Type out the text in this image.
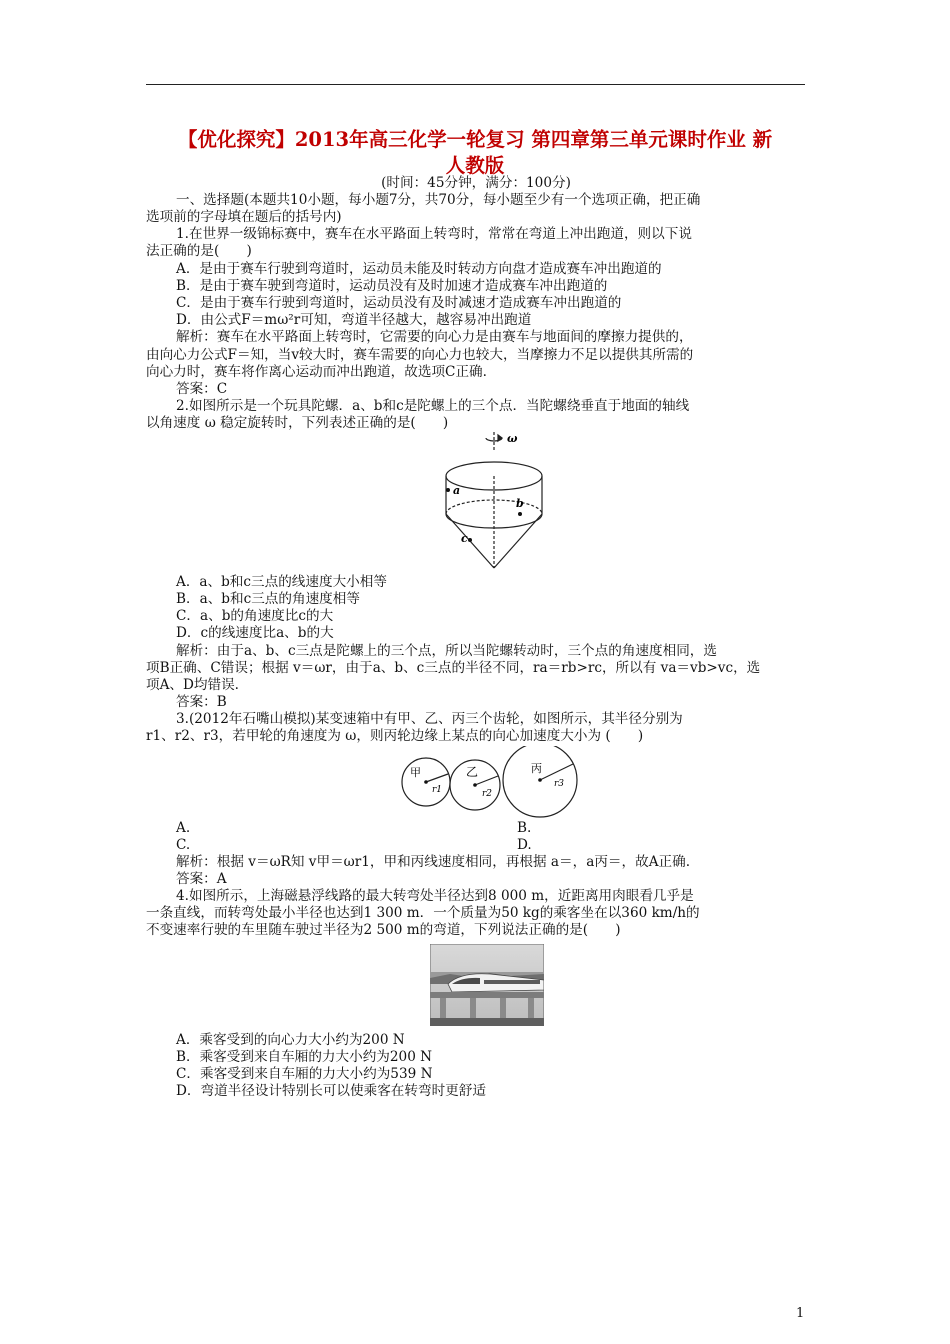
【优化探究】2013年高三化学一轮复习 第四章第三单元课时作业 新
人教版
(时间：45分钟，满分：100分)
一、选择题(本题共10小题，每小题7分，共70分，每小题至少有一个选项正确，把正确
选项前的字母填在题后的括号内)
1.在世界一级锦标赛中，赛车在水平路面上转弯时，常常在弯道上冲出跑道，则以下说
法正确的是(　　)
A．是由于赛车行驶到弯道时，运动员未能及时转动方向盘才造成赛车冲出跑道的
B．是由于赛车驶到弯道时，运动员没有及时加速才造成赛车冲出跑道的
C．是由于赛车行驶到弯道时，运动员没有及时减速才造成赛车冲出跑道的
D．由公式F＝mω²r可知，弯道半径越大，越容易冲出跑道
解析：赛车在水平路面上转弯时，它需要的向心力是由赛车与地面间的摩擦力提供的，
由向心力公式F＝知，当v较大时，赛车需要的向心力也较大，当摩擦力不足以提供其所需的
向心力时，赛车将作离心运动而冲出跑道，故选项C正确.
答案：C
2.如图所示是一个玩具陀螺．a、b和c是陀螺上的三个点．当陀螺绕垂直于地面的轴线
以角速度 ω 稳定旋转时，下列表述正确的是(　　)
ω
a
b
c
A．a、b和c三点的线速度大小相等
B．a、b和c三点的角速度相等
C．a、b的角速度比c的大
D．c的线速度比a、b的大
解析：由于a、b、c三点是陀螺上的三个点，所以当陀螺转动时，三个点的角速度相同，选
项B正确、C错误；根据 v＝ωr，由于a、b、c三点的半径不同，ra＝rb>rc，所以有 va＝vb>vc，选
项A、D均错误.
答案：B
3.(2012年石嘴山模拟)某变速箱中有甲、乙、丙三个齿轮，如图所示，其半径分别为
r1、r2、r3，若甲轮的角速度为 ω，则丙轮边缘上某点的向心加速度大小为 (　　)
甲	乙	丙
r1	r2
r3
A.	B.
C.	D.
解析：根据 v＝ωR知 v甲＝ωr1，甲和丙线速度相同，再根据 a＝，a丙＝，故A正确.
答案：A
4.如图所示，上海磁悬浮线路的最大转弯处半径达到8 000 m，近距离用肉眼看几乎是
一条直线，而转弯处最小半径也达到1 300 m．一个质量为50 kg的乘客坐在以360 km/h的
不变速率行驶的车里随车驶过半径为2 500 m的弯道，下列说法正确的是(　　)
A．乘客受到的向心力大小约为200 N
B．乘客受到来自车厢的力大小约为200 N
C．乘客受到来自车厢的力大小约为539 N
D．弯道半径设计特别长可以使乘客在转弯时更舒适
1
